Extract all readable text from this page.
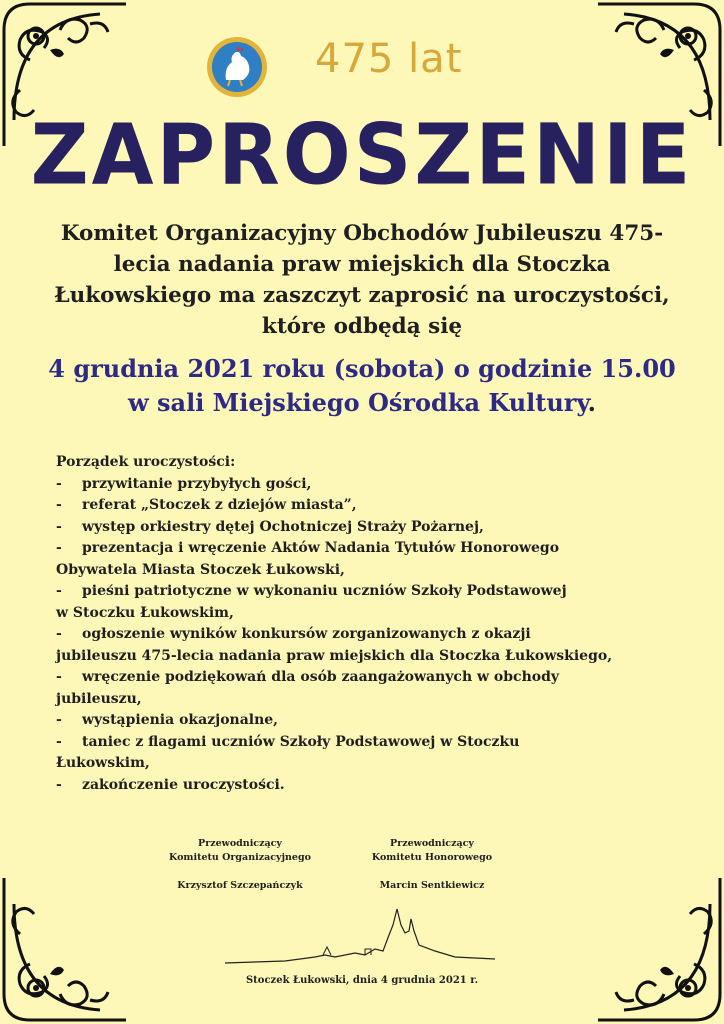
475 lat
ZAPROSZENIE
Komitet Organizacyjny Obchodów Jubileuszu 475-
lecia nadania praw miejskich dla Stoczka
Łukowskiego ma zaszczyt zaprosić na uroczystości,
które odbędą się
4 grudnia 2021 roku (sobota) o godzinie 15.00
w sali Miejskiego Ośrodka Kultury.
Porządek uroczystości:
- przywitanie przybyłych gości,
- referat „Stoczek z dziejów miasta”,
- występ orkiestry dętej Ochotniczej Straży Pożarnej,
- prezentacja i wręczenie Aktów Nadania Tytułów Honorowego
Obywatela Miasta Stoczek Łukowski,
- pieśni patriotyczne w wykonaniu uczniów Szkoły Podstawowej
w Stoczku Łukowskim,
- ogłoszenie wyników konkursów zorganizowanych z okazji
jubileuszu 475-lecia nadania praw miejskich dla Stoczka Łukowskiego,
- wręczenie podziękowań dla osób zaangażowanych w obchody
jubileuszu,
- wystąpienia okazjonalne,
- taniec z flagami uczniów Szkoły Podstawowej w Stoczku
Łukowskim,
- zakończenie uroczystości.
Przewodniczący
Komitetu Organizacyjnego
Przewodniczący
Komitetu Honorowego
Krzysztof Szczepańczyk	Marcin Sentkiewicz
Stoczek Łukowski, dnia 4 grudnia 2021 r.
